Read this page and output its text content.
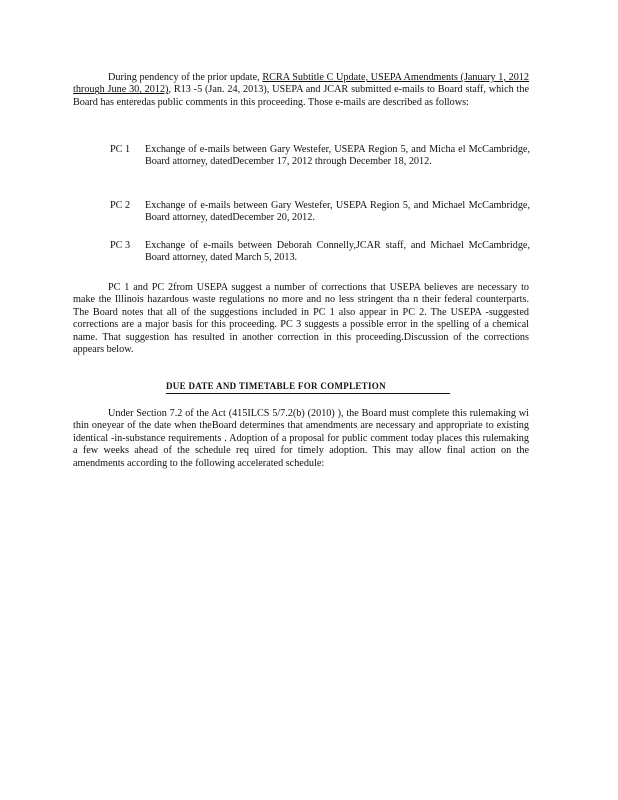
During pendency of the prior update, RCRA Subtitle C Update, USEPA Amendments (January 1, 2012 through June 30, 2012), R13 -5 (Jan. 24, 2013), USEPA and JCAR submitted e-mails to Board staff, which the Board has enteredas public comments in this proceeding. Those e-mails are described as follows:

PC 1	Exchange of e-mails between Gary Westefer, USEPA Region 5, and Micha el McCambridge, Board attorney, datedDecember 17, 2012 through December 18, 2012.
PC 2	Exchange of e-mails between Gary Westefer, USEPA Region 5, and Michael McCambridge, Board attorney, datedDecember 20, 2012.
PC 3	Exchange of e-mails between Deborah Connelly,JCAR staff, and Michael McCambridge, Board attorney, dated March 5, 2013.

PC 1 and PC 2from USEPA suggest a number of corrections that USEPA believes are necessary to make the Illinois hazardous waste regulations no more and no less stringent tha n their federal counterparts. The Board notes that all of the suggestions included in PC 1 also appear in PC 2. The USEPA -suggested corrections are a major basis for this proceeding. PC 3 suggests a possible error in the spelling of a chemical name. That suggestion has resulted in another correction in this proceeding.Discussion of the corrections appears below.

DUE DATE AND TIMETABLE FOR COMPLETION

Under Section 7.2 of the Act (415ILCS 5/7.2(b) (2010) ), the Board must complete this rulemaking wi thin oneyear of the date when theBoard determines that amendments are necessary and appropriate to existing identical -in-substance requirements . Adoption of a proposal for public comment today places this rulemaking a few weeks ahead of the schedule req uired for timely adoption. This may allow final action on the amendments according to the following accelerated schedule:
